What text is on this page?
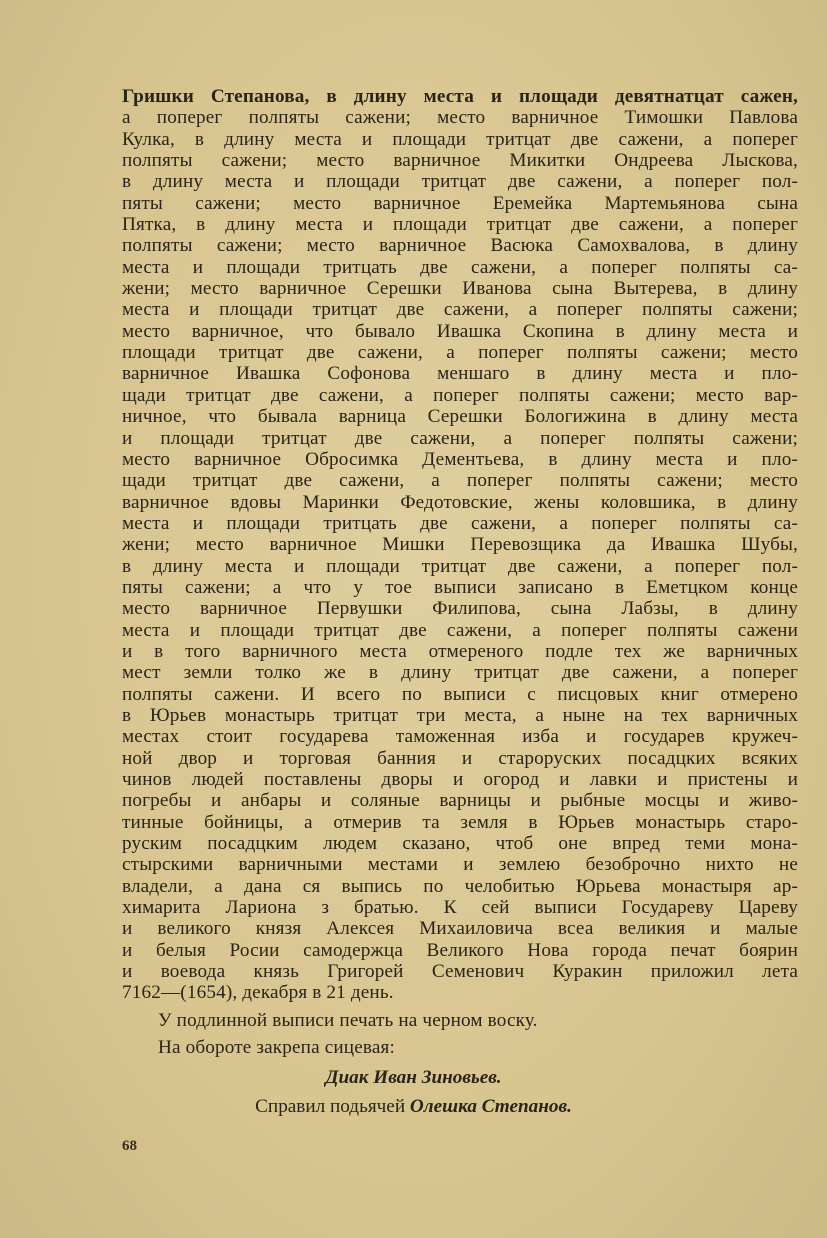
Гришки Степанова, в длину места и площади девятнатцат сажен,
а поперег полпяты сажени; место варничное Тимошки Павлова
Кулка, в длину места и площади тритцат две сажени, а поперег
полпяты сажени; место варничное Микитки Ондреева Лыскова,
в длину места и площади тритцат две сажени, а поперег пол-
пяты сажени; место варничное Еремейка Мартемьянова сына
Пятка, в длину места и площади тритцат две сажени, а поперег
полпяты сажени; место варничное Васюка Самохвалова, в длину
места и площади тритцать две сажени, а поперег полпяты са-
жени; место варничное Серешки Иванова сына Вытерева, в длину
места и площади тритцат две сажени, а поперег полпяты сажени;
место варничное, что бывало Ивашка Скопина в длину места и
площади тритцат две сажени, а поперег полпяты сажени; место
варничное Ивашка Софонова меншаго в длину места и пло-
щади тритцат две сажени, а поперег полпяты сажени; место вар-
ничное, что бывала варница Серешки Бологижина в длину места
и площади тритцат две сажени, а поперег полпяты сажени;
место варничное Обросимка Дементьева, в длину места и пло-
щади тритцат две сажени, а поперег полпяты сажени; место
варничное вдовы Маринки Федотовские, жены коловшика, в длину
места и площади тритцать две сажени, а поперег полпяты са-
жени; место варничное Мишки Перевозщика да Ивашка Шубы,
в длину места и площади тритцат две сажени, а поперег пол-
пяты сажени; а что у тое выписи записано в Еметцком конце
место варничное Первушки Филипова, сына Лабзы, в длину
места и площади тритцат две сажени, а поперег полпяты сажени
и в того варничного места отмереного подле тех же варничных
мест земли толко же в длину тритцат две сажени, а поперег
полпяты сажени. И всего по выписи с писцовых книг отмерено
в Юрьев монастырь тритцат три места, а ныне на тех варничных
местах стоит государева таможенная изба и государев кружеч-
ной двор и торговая банния и староруских посадцких всяких
чинов людей поставлены дворы и огород и лавки и пристены и
погребы и анбары и соляные варницы и рыбные мосцы и живо-
тинные бойницы, а отмерив та земля в Юрьев монастырь старо-
руским посадцким людем сказано, чтоб оне впред теми мона-
стырскими варничными местами и землею безоброчно нихто не
владели, а дана ся выпись по челобитью Юрьева монастыря ар-
химарита Лариона з братью. К сей выписи Государеву Цареву
и великого князя Алексея Михаиловича всеа великия и малые
и белыя Росии самодержца Великого Нова города печат боярин
и воевода князь Григорей Семенович Куракин приложил лета
7162—(1654), декабря в 21 день.
У подлинной выписи печать на черном воску.
На обороте закрепа сицевая:
Диак Иван Зиновьев.
Справил подьячей Олешка Степанов.
68
